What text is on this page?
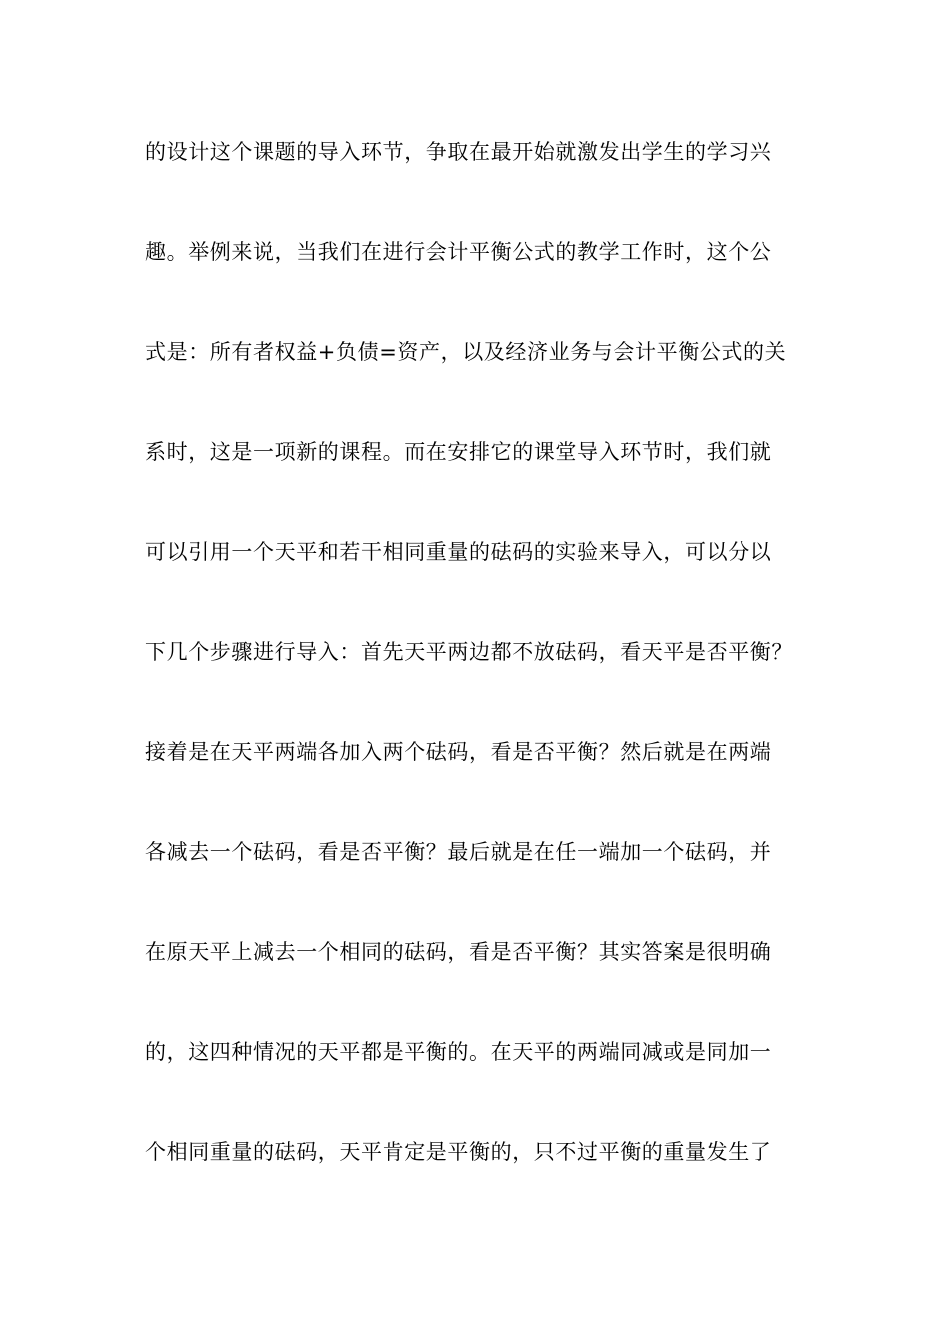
的设计这个课题的导入环节，争取在最开始就激发出学生的学习兴
趣。举例来说，当我们在进行会计平衡公式的教学工作时，这个公
式是：所有者权益+负债=资产，以及经济业务与会计平衡公式的关
系时，这是一项新的课程。而在安排它的课堂导入环节时，我们就
可以引用一个天平和若干相同重量的砝码的实验来导入，可以分以
下几个步骤进行导入：首先天平两边都不放砝码，看天平是否平衡？
接着是在天平两端各加入两个砝码，看是否平衡？然后就是在两端
各减去一个砝码，看是否平衡？最后就是在任一端加一个砝码，并
在原天平上减去一个相同的砝码，看是否平衡？其实答案是很明确
的，这四种情况的天平都是平衡的。在天平的两端同减或是同加一
个相同重量的砝码，天平肯定是平衡的，只不过平衡的重量发生了
